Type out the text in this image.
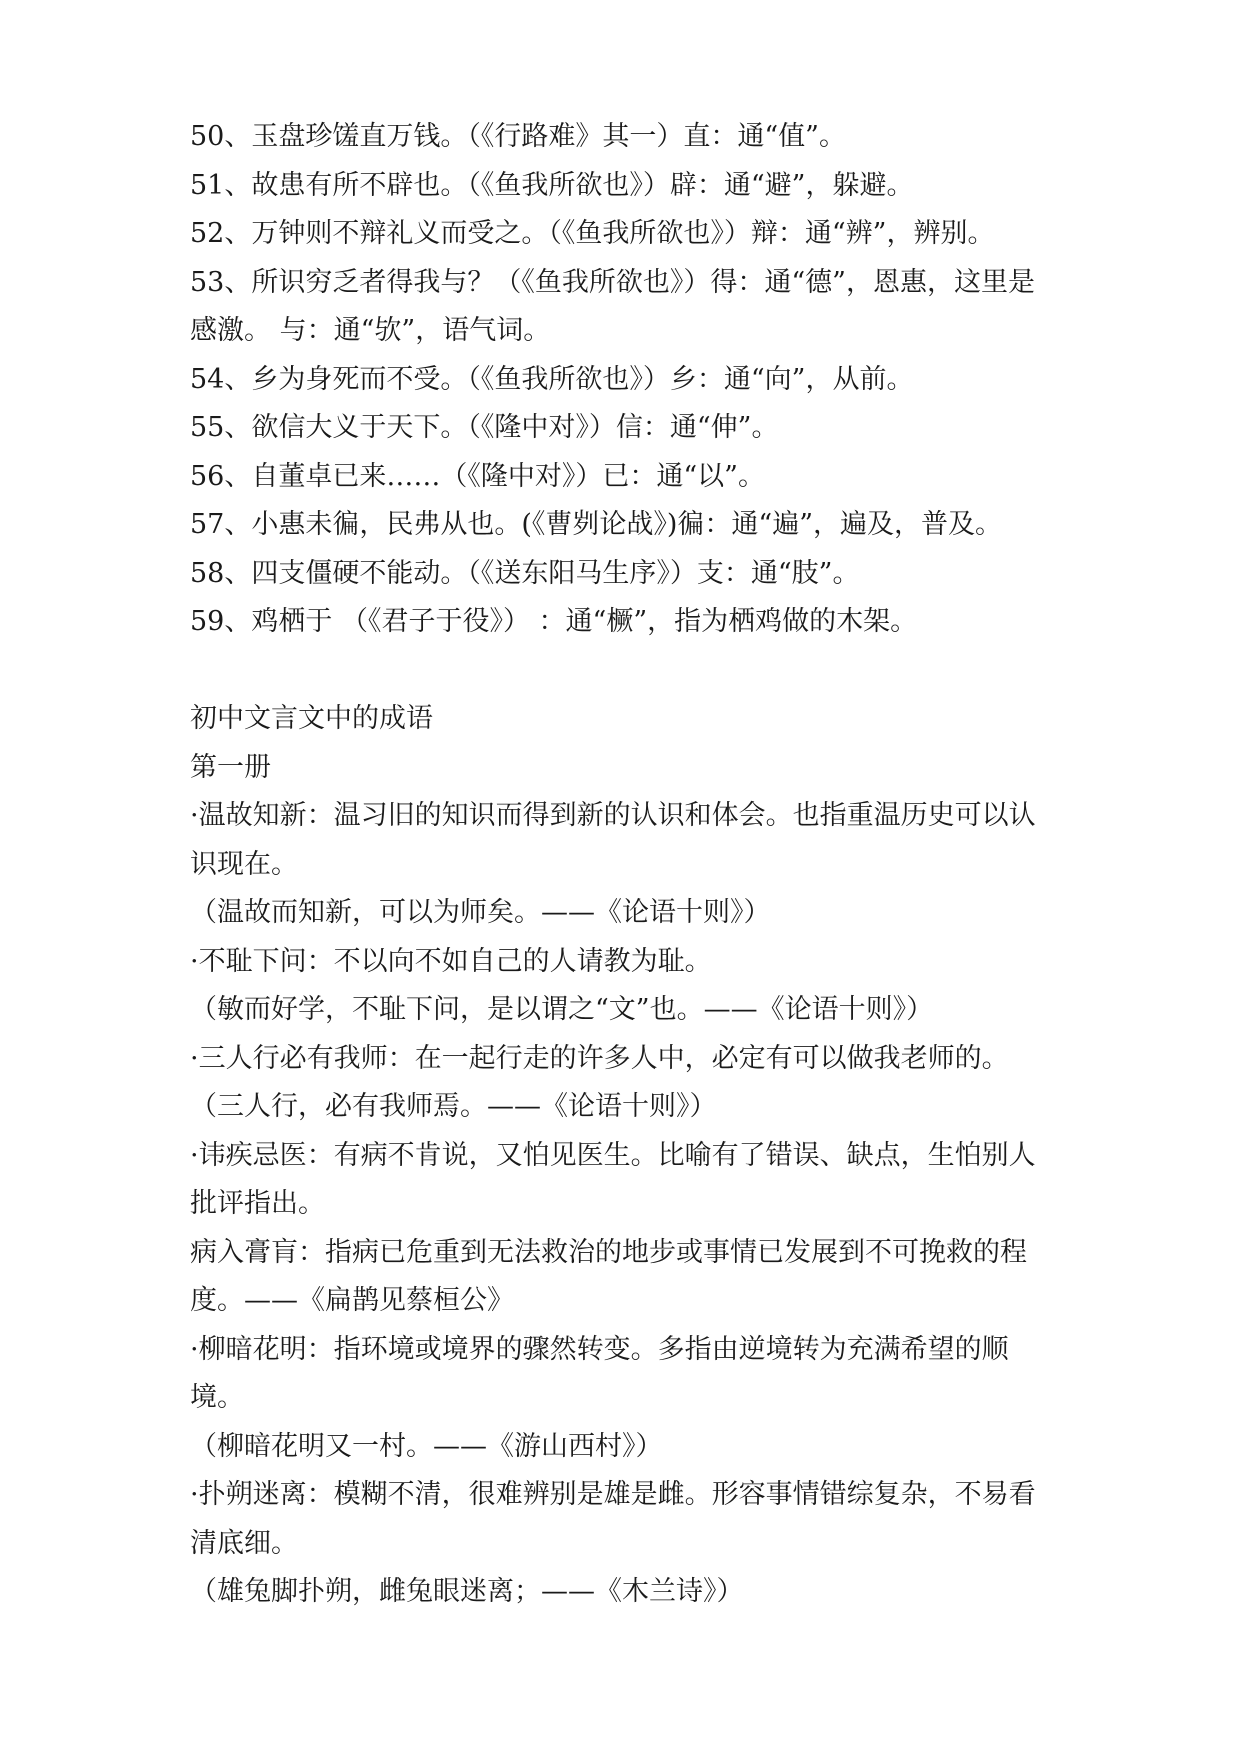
50、玉盘珍馐直万钱。（《行路难》其一）直：通“值”。
51、故患有所不辟也。（《鱼我所欲也》）辟：通“避”，躲避。
52、万钟则不辩礼义而受之。（《鱼我所欲也》）辩：通“辨”，辨别。
53、所识穷乏者得我与？（《鱼我所欲也》）得：通“德”，恩惠，这里是
感激。 与：通“欤”，语气词。
54、乡为身死而不受。（《鱼我所欲也》）乡：通“向”，从前。
55、欲信大义于天下。（《隆中对》）信：通“伸”。
56、自董卓已来……（《隆中对》）已：通“以”。
57、小惠未徧，民弗从也。(《曹刿论战》)徧：通“遍”，遍及，普及。
58、四支僵硬不能动。（《送东阳马生序》）支：通“肢”。
59、鸡栖于 （《君子于役》） ：通“橛”，指为栖鸡做的木架。
初中文言文中的成语
第一册
·温故知新：温习旧的知识而得到新的认识和体会。也指重温历史可以认
识现在。
（温故而知新，可以为师矣。——《论语十则》）
·不耻下问：不以向不如自己的人请教为耻。
（敏而好学，不耻下问，是以谓之“文”也。——《论语十则》）
·三人行必有我师：在一起行走的许多人中，必定有可以做我老师的。
（三人行，必有我师焉。——《论语十则》）
·讳疾忌医：有病不肯说，又怕见医生。比喻有了错误、缺点，生怕别人
批评指出。
病入膏肓：指病已危重到无法救治的地步或事情已发展到不可挽救的程
度。——《扁鹊见蔡桓公》
·柳暗花明：指环境或境界的骤然转变。多指由逆境转为充满希望的顺
境。
（柳暗花明又一村。——《游山西村》）
·扑朔迷离：模糊不清，很难辨别是雄是雌。形容事情错综复杂，不易看
清底细。
（雄兔脚扑朔，雌兔眼迷离；——《木兰诗》）
